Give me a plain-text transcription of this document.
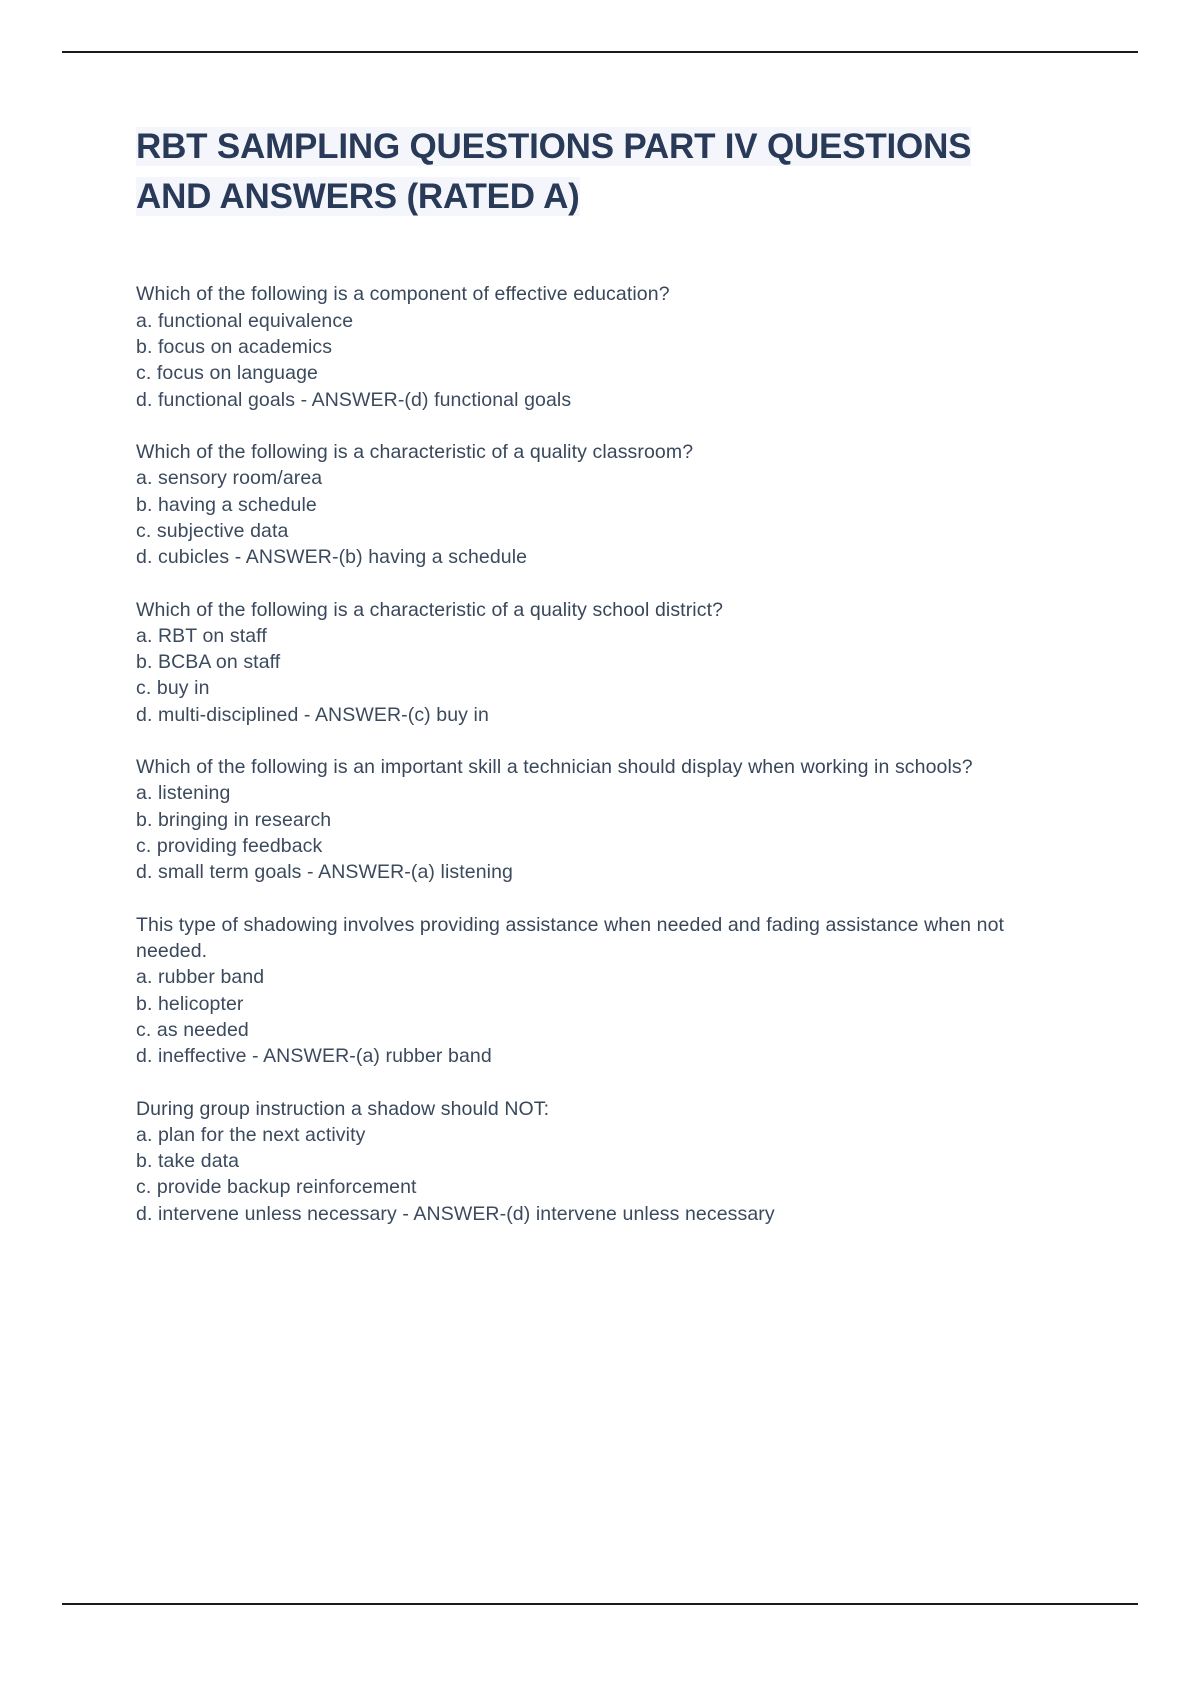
RBT SAMPLING QUESTIONS PART IV QUESTIONS AND ANSWERS (RATED A)

Which of the following is a component of effective education?

a. functional equivalence

b. focus on academics

c. focus on language

d. functional goals - ANSWER-(d) functional goals

Which of the following is a characteristic of a quality classroom?

a. sensory room/area

b. having a schedule

c. subjective data

d. cubicles - ANSWER-(b) having a schedule

Which of the following is a characteristic of a quality school district?

a. RBT on staff

b. BCBA on staff

c. buy in

d. multi-disciplined - ANSWER-(c) buy in

Which of the following is an important skill a technician should display when working in schools?

a. listening

b. bringing in research

c. providing feedback

d. small term goals - ANSWER-(a) listening

This type of shadowing involves providing assistance when needed and fading assistance when not needed.

a. rubber band

b. helicopter

c. as needed

d. ineffective - ANSWER-(a) rubber band

During group instruction a shadow should NOT:

a. plan for the next activity

b. take data

c. provide backup reinforcement

d. intervene unless necessary - ANSWER-(d) intervene unless necessary
